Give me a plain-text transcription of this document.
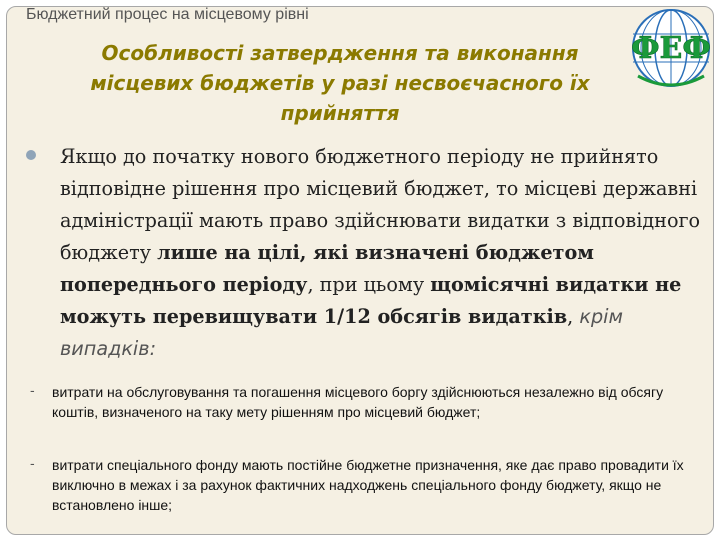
Бюджетний процес на місцевому рівні
ФЕФ
Особливості затвердження та виконання
місцевих бюджетів у разі несвоєчасного їх
прийняття

Якщо до початку нового бюджетного періоду не прийнято відповідне рішення про місцевий бюджет, то місцеві державні адміністрації мають право здійснювати видатки з відповідного бюджету лише на цілі, які визначені бюджетом попереднього періоду, при цьому щомісячні видатки не можуть перевищувати 1/12 обсягів видатків, крім випадків:

- витрати на обслуговування та погашення місцевого боргу здійснюються незалежно від обсягу коштів, визначеного на таку мету рішенням про місцевий бюджет;

- витрати спеціального фонду мають постійне бюджетне призначення, яке дає право провадити їх виключно в межах і за рахунок фактичних надходжень спеціального фонду бюджету, якщо не встановлено інше;
